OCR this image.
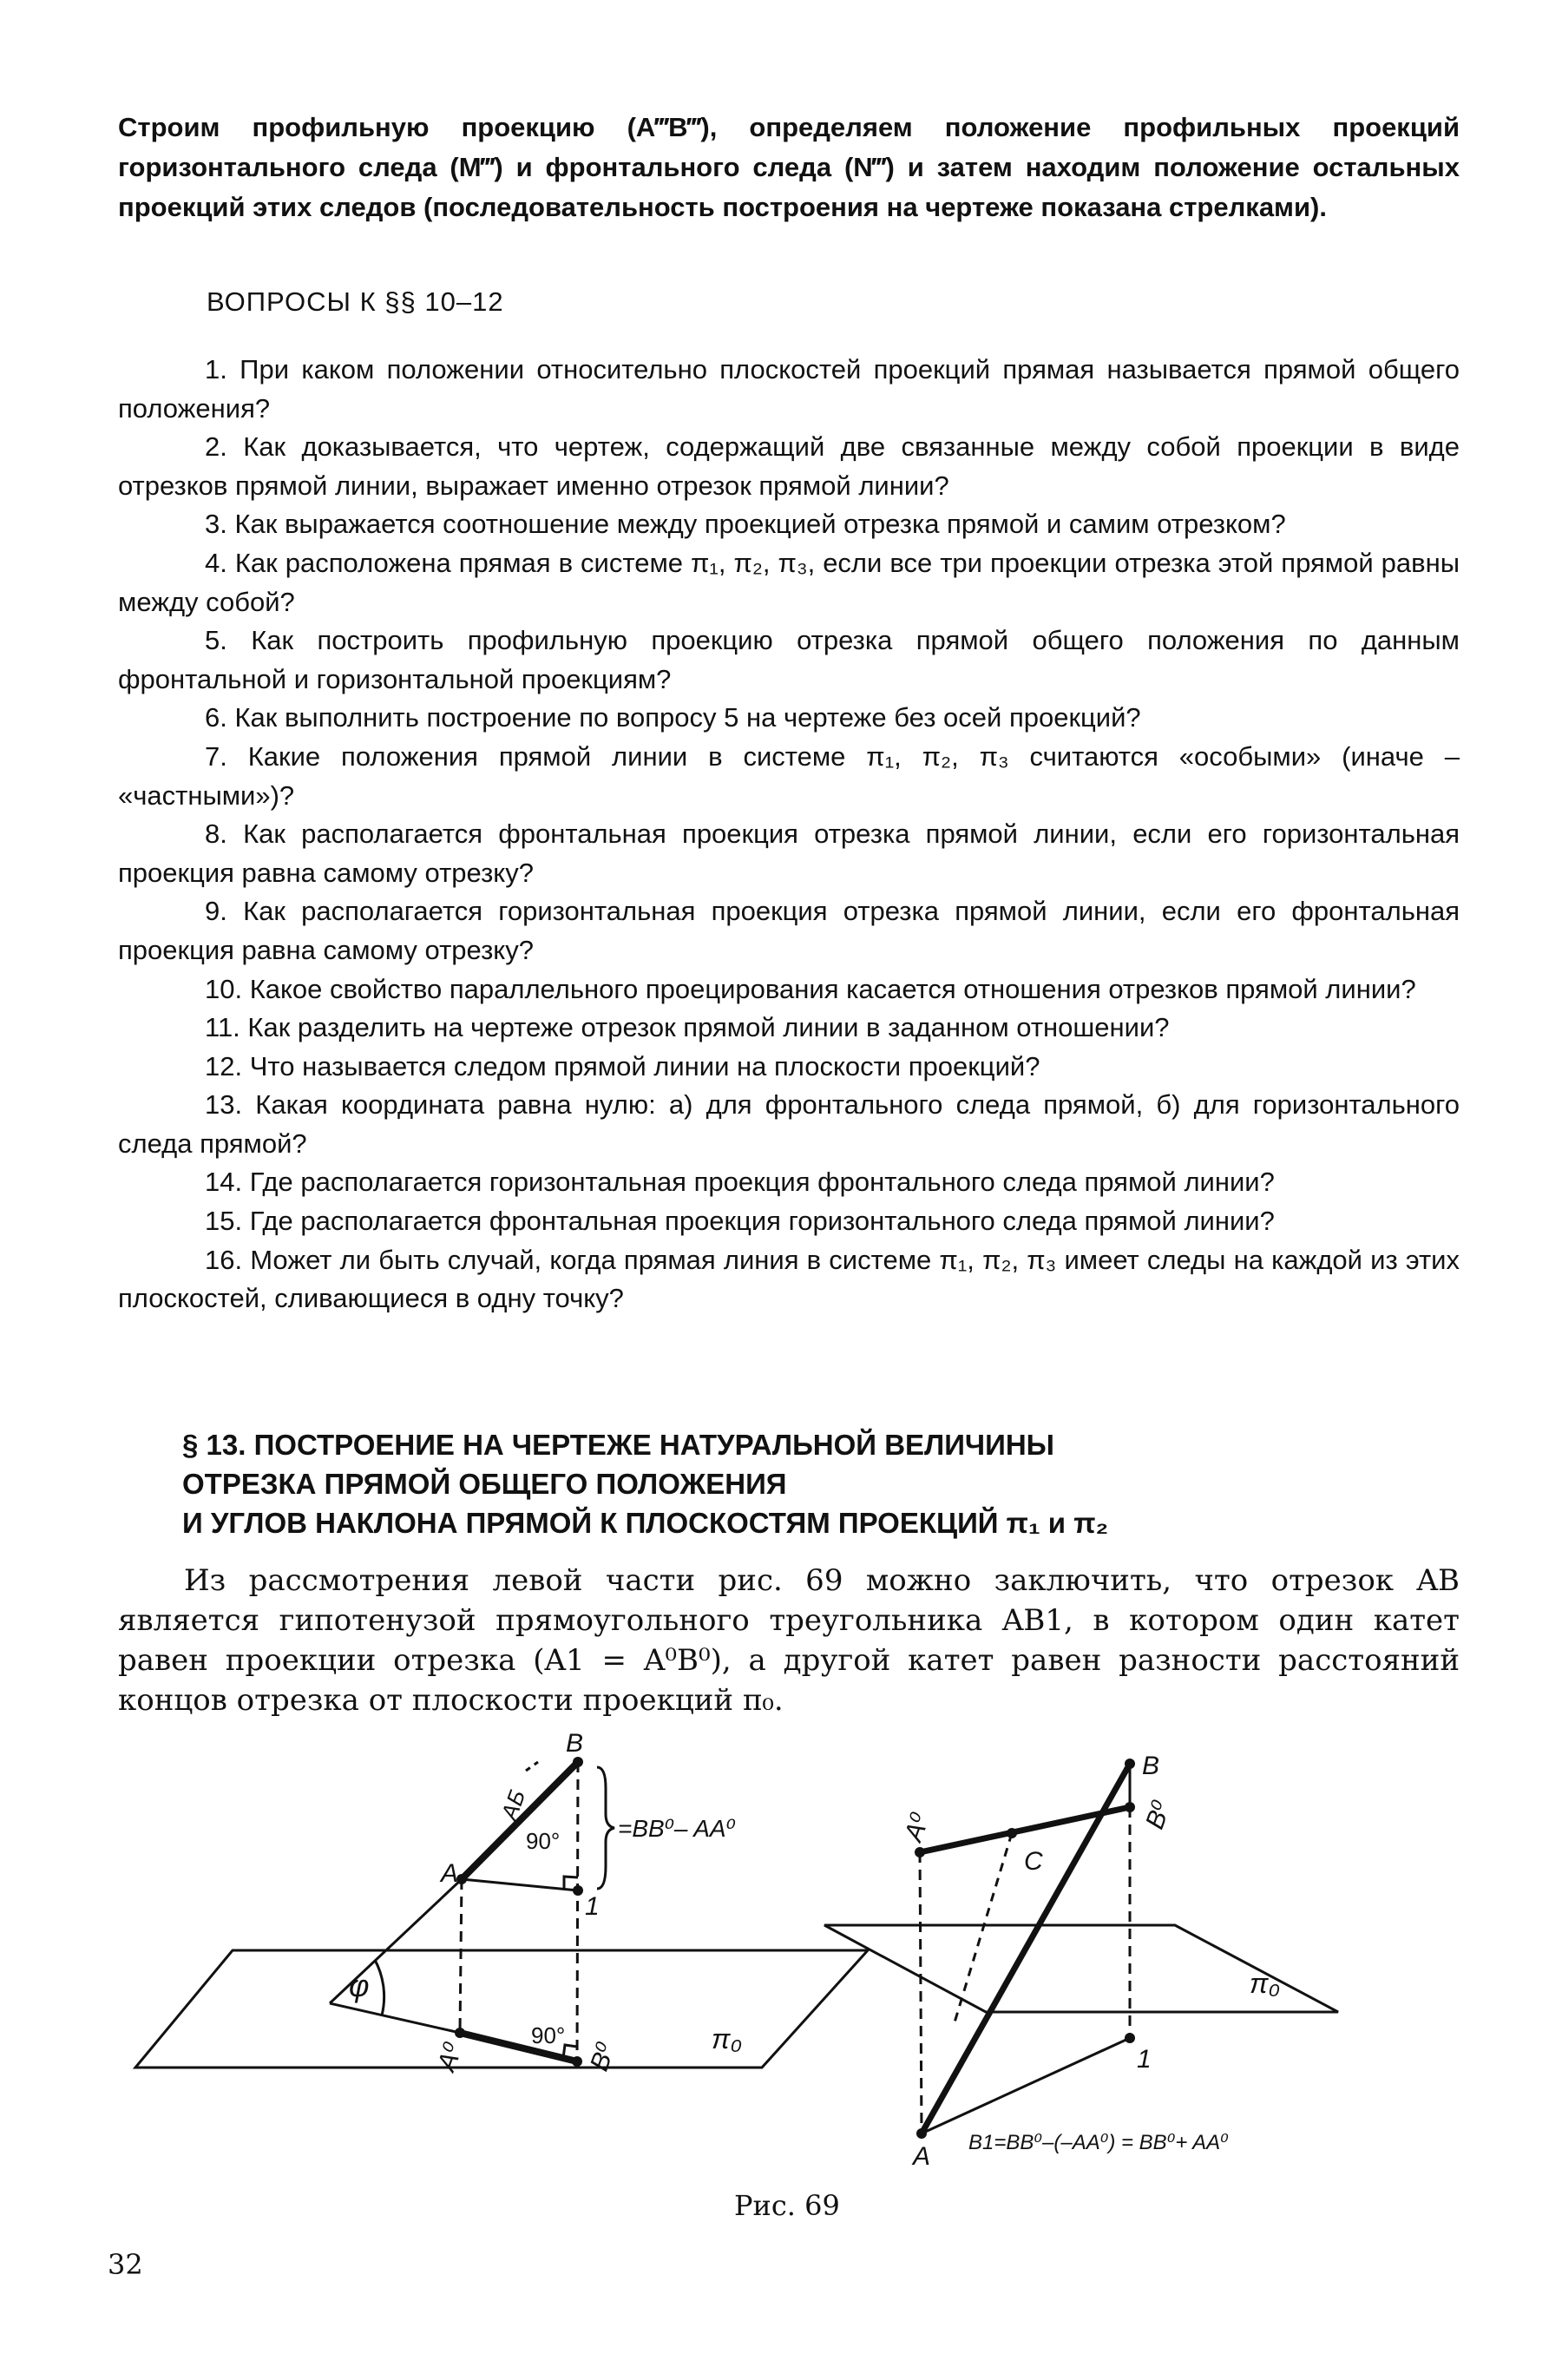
Строим профильную проекцию (A‴B‴), определяем положение профильных проекций горизонтального следа (M‴) и фронтального следа (N‴) и затем находим положение остальных проекций этих следов (последовательность построения на чертеже показана стрелками).

ВОПРОСЫ К §§ 10–12

1. При каком положении относительно плоскостей проекций прямая называется прямой общего положения?

2. Как доказывается, что чертеж, содержащий две связанные между собой проекции в виде отрезков прямой линии, выражает именно отрезок прямой линии?

3. Как выражается соотношение между проекцией отрезка прямой и самим отрезком?

4. Как расположена прямая в системе π₁, π₂, π₃, если все три проекции отрезка этой прямой равны между собой?

5. Как построить профильную проекцию отрезка прямой общего положения по данным фронтальной и горизонтальной проекциям?

6. Как выполнить построение по вопросу 5 на чертеже без осей проекций?

7. Какие положения прямой линии в системе π₁, π₂, π₃ считаются «особыми» (иначе – «частными»)?

8. Как располагается фронтальная проекция отрезка прямой линии, если его горизонтальная проекция равна самому отрезку?

9. Как располагается горизонтальная проекция отрезка прямой линии, если его фронтальная проекция равна самому отрезку?

10. Какое свойство параллельного проецирования касается отношения отрезков прямой линии?

11. Как разделить на чертеже отрезок прямой линии в заданном отношении?

12. Что называется следом прямой линии на плоскости проекций?

13. Какая координата равна нулю: а) для фронтального следа прямой, б) для горизонтального следа прямой?

14. Где располагается горизонтальная проекция фронтального следа прямой линии?

15. Где располагается фронтальная проекция горизонтального следа прямой линии?

16. Может ли быть случай, когда прямая линия в системе π₁, π₂, π₃ имеет следы на каждой из этих плоскостей, сливающиеся в одну точку?

§ 13. ПОСТРОЕНИЕ НА ЧЕРТЕЖЕ НАТУРАЛЬНОЙ ВЕЛИЧИНЫ
ОТРЕЗКА ПРЯМОЙ ОБЩЕГО ПОЛОЖЕНИЯ
И УГЛОВ НАКЛОНА ПРЯМОЙ К ПЛОСКОСТЯМ ПРОЕКЦИЙ π₁ и π₂

Из рассмотрения левой части рис. 69 можно заключить, что отрезок AB является гипотенузой прямоугольного треугольника AB1, в котором один катет равен проекции отрезка (A1 = A⁰B⁰), а другой катет равен разности расстояний концов отрезка от плоскости проекций π₀.

B
A
1
A⁰	B⁰
φ
π₀
90°
90°
=BB⁰– AA⁰
АБ
B
A
C
1
A⁰	B⁰
π₀
B1=BB⁰–(–AA⁰) = BB⁰+ AA⁰
Рис. 69
32
